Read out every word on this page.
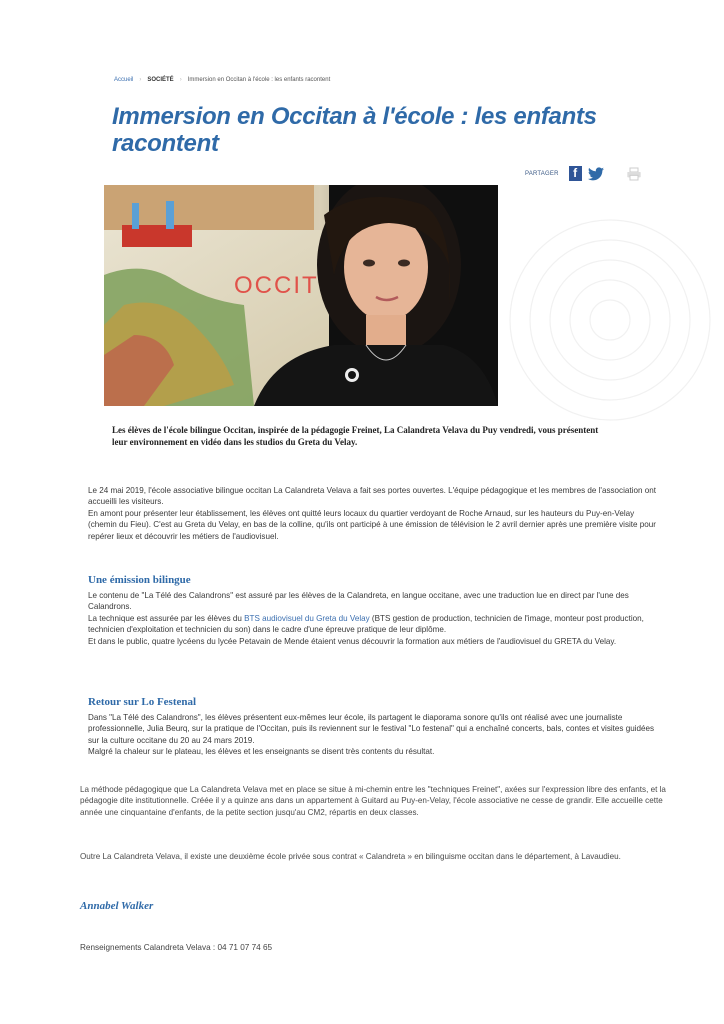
Accueil › SOCIÉTÉ › Immersion en Occitan à l'école : les enfants racontent
Immersion en Occitan à l'école : les enfants racontent
PARTAGER	f
OCCIT

Les élèves de l'école bilingue Occitan, inspirée de la pédagogie Freinet, La Calandreta Velava du Puy vendredi, vous présentent leur environnement en vidéo dans les studios du Greta du Velay.

Le 24 mai 2019, l'école associative bilingue occitan La Calandreta Velava a fait ses portes ouvertes. L'équipe pédagogique et les membres de l'association ont accueilli les visiteurs.

En amont pour présenter leur établissement, les élèves ont quitté leurs locaux du quartier verdoyant de Roche Arnaud, sur les hauteurs du Puy-en-Velay (chemin du Fieu). C'est au Greta du Velay, en bas de la colline, qu'ils ont participé à une émission de télévision le 2 avril dernier après une première visite pour repérer lieux et découvrir les métiers de l'audiovisuel.

Une émission bilingue

Le contenu de "La Télé des Calandrons" est assuré par les élèves de la Calandreta, en langue occitane, avec une traduction lue en direct par l'une des Calandrons.

La technique est assurée par les élèves du BTS audiovisuel du Greta du Velay (BTS gestion de production, technicien de l'image, monteur post production, technicien d'exploitation et technicien du son) dans le cadre d'une épreuve pratique de leur diplôme.

Et dans le public, quatre lycéens du lycée Petavain de Mende étaient venus découvrir la formation aux métiers de l'audiovisuel du GRETA du Velay.

Retour sur Lo Festenal

Dans "La Télé des Calandrons", les élèves présentent eux-mêmes leur école, ils partagent le diaporama sonore qu'ils ont réalisé avec une journaliste professionnelle, Julia Beurq, sur la pratique de l'Occitan, puis ils reviennent sur le festival "Lo festenal" qui a enchaîné concerts, bals, contes et visites guidées sur la culture occitane du 20 au 24 mars 2019.

Malgré la chaleur sur le plateau, les élèves et les enseignants se disent très contents du résultat.

La méthode pédagogique que La Calandreta Velava met en place se situe à mi-chemin entre les "techniques Freinet", axées sur l'expression libre des enfants, et la pédagogie dite institutionnelle. Créée il y a quinze ans dans un appartement à Guitard au Puy-en-Velay, l'école associative ne cesse de grandir. Elle accueille cette année une cinquantaine d'enfants, de la petite section jusqu'au CM2, répartis en deux classes.

Outre La Calandreta Velava, il existe une deuxième école privée sous contrat « Calandreta » en bilinguisme occitan dans le département, à Lavaudieu.

Annabel Walker
Renseignements Calandreta Velava : 04 71 07 74 65
